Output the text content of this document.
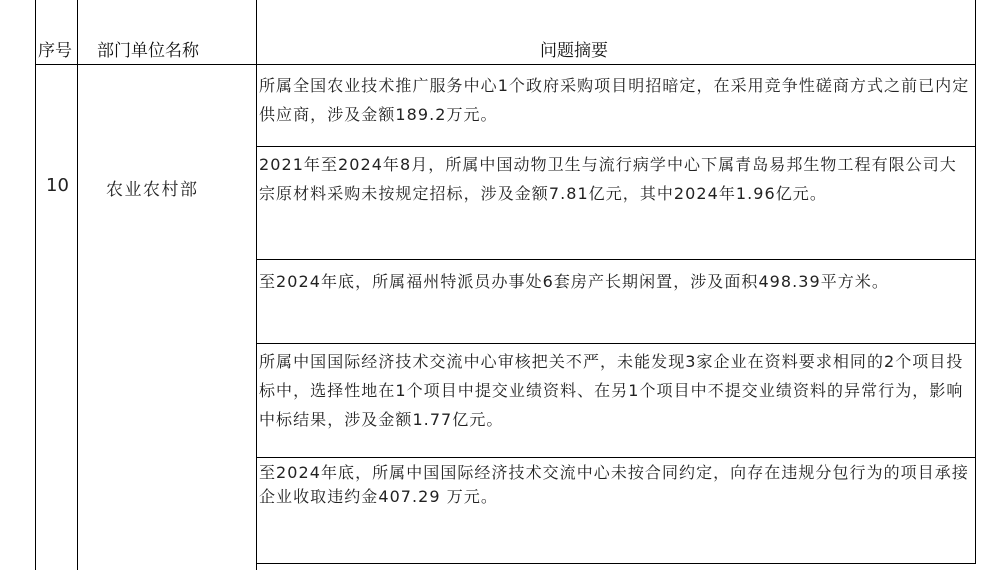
序号 部门单位名称	问题摘要
10 农业农村部
所属全国农业技术推广服务中心1个政府采购项目明招暗定，在采用竞争性磋商方式之前已内定供应商，涉及金额189.2万元。
2021年至2024年8月，所属中国动物卫生与流行病学中心下属青岛易邦生物工程有限公司大宗原材料采购未按规定招标，涉及金额7.81亿元，其中2024年1.96亿元。
至2024年底，所属福州特派员办事处6套房产长期闲置，涉及面积498.39平方米。
所属中国国际经济技术交流中心审核把关不严，未能发现3家企业在资料要求相同的2个项目投标中，选择性地在1个项目中提交业绩资料、在另1个项目中不提交业绩资料的异常行为，影响中标结果，涉及金额1.77亿元。
至2024年底，所属中国国际经济技术交流中心未按合同约定，向存在违规分包行为的项目承接企业收取违约金407.29 万元。
